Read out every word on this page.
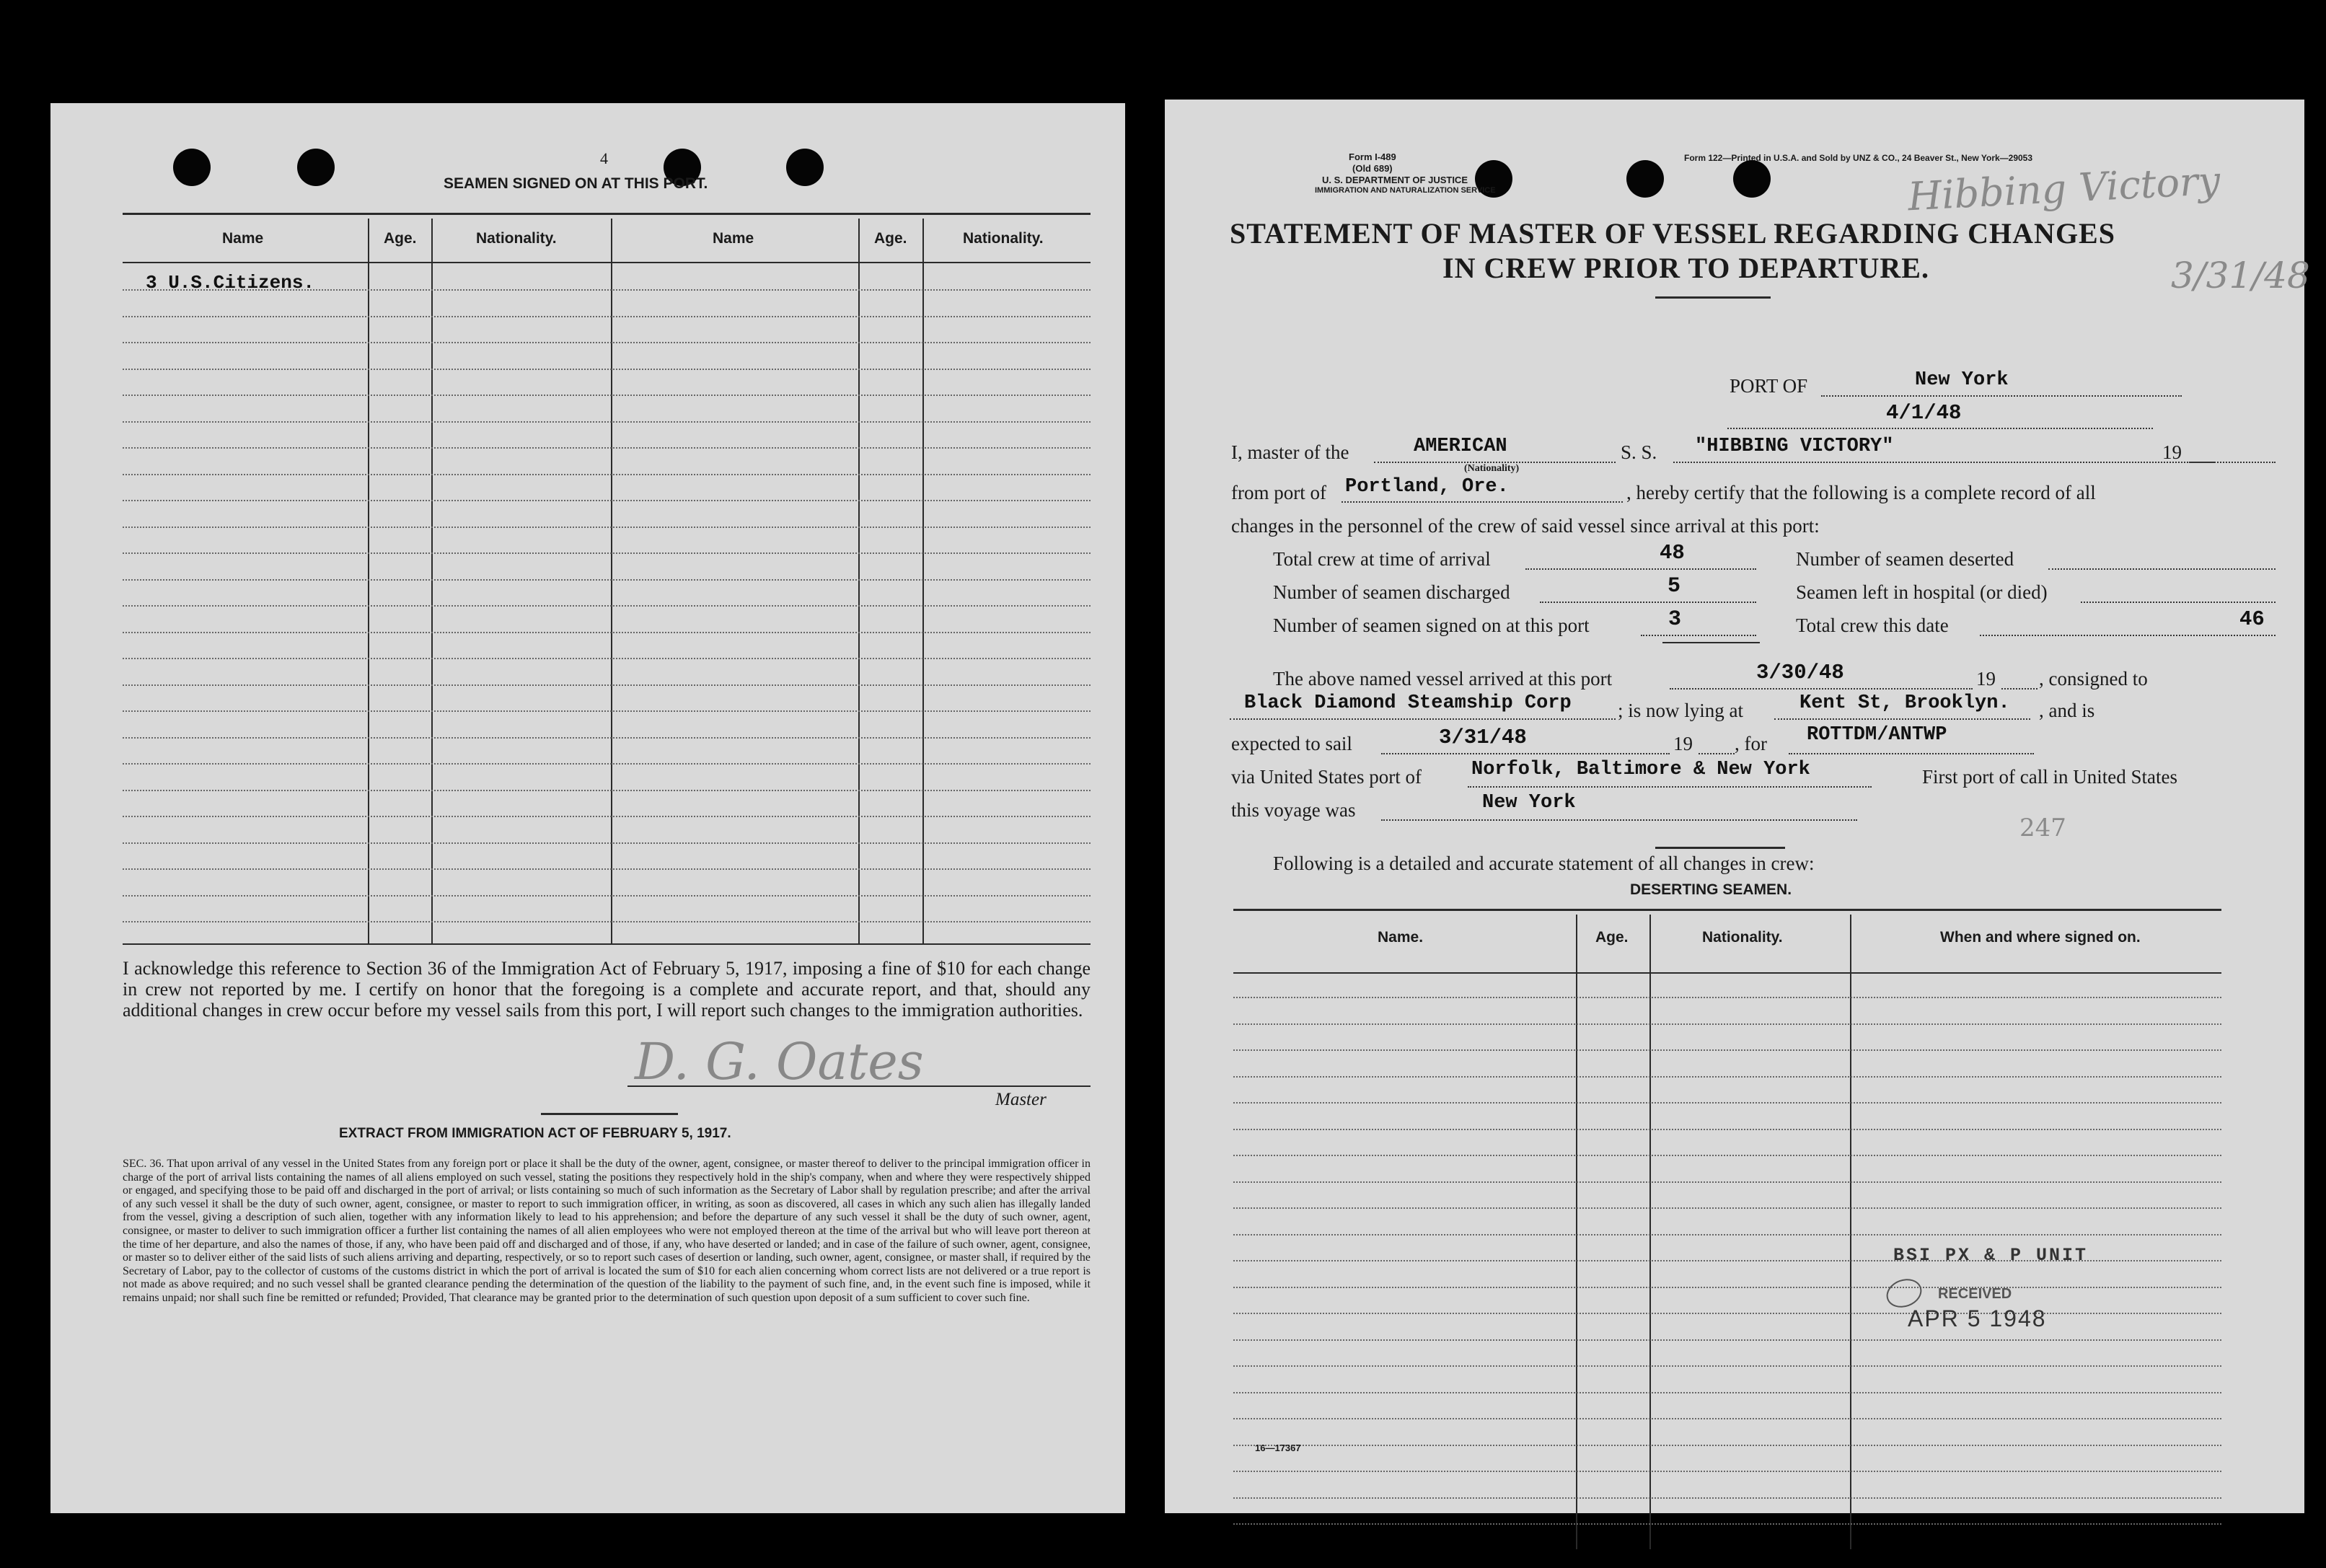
4
SEAMEN SIGNED ON AT THIS PORT.
Name	Age.	Nationality.	Name	Age.	Nationality.
3 U.S.Citizens.
I acknowledge this reference to Section 36 of the Immigration Act of February 5, 1917, imposing a fine of $10 for each change in crew not reported by me. I certify on honor that the foregoing is a complete and accurate report, and that, should any additional changes in crew occur before my vessel sails from this port, I will report such changes to the immigration authorities.
D. G. Oates
Master
EXTRACT FROM IMMIGRATION ACT OF FEBRUARY 5, 1917.
SEC. 36. That upon arrival of any vessel in the United States from any foreign port or place it shall be the duty of the owner, agent, consignee, or master thereof to deliver to the principal immigration officer in charge of the port of arrival lists containing the names of all aliens employed on such vessel, stating the positions they respectively hold in the ship's company, when and where they were respectively shipped or engaged, and specifying those to be paid off and discharged in the port of arrival; or lists containing so much of such information as the Secretary of Labor shall by regulation prescribe; and after the arrival of any such vessel it shall be the duty of such owner, agent, consignee, or master to report to such immigration officer, in writing, as soon as discovered, all cases in which any such alien has illegally landed from the vessel, giving a description of such alien, together with any information likely to lead to his apprehension; and before the departure of any such vessel it shall be the duty of such owner, agent, consignee, or master to deliver to such immigration officer a further list containing the names of all alien employees who were not employed thereon at the time of the arrival but who will leave port thereon at the time of her departure, and also the names of those, if any, who have been paid off and discharged and of those, if any, who have deserted or landed; and in case of the failure of such owner, agent, consignee, or master so to deliver either of the said lists of such aliens arriving and departing, respectively, or so to report such cases of desertion or landing, such owner, agent, consignee, or master shall, if required by the Secretary of Labor, pay to the collector of customs of the customs district in which the port of arrival is located the sum of $10 for each alien concerning whom correct lists are not delivered or a true report is not made as above required; and no such vessel shall be granted clearance pending the determination of the question of the liability to the payment of such fine, and, in the event such fine is imposed, while it remains unpaid; nor shall such fine be remitted or refunded; Provided, That clearance may be granted prior to the determination of such question upon deposit of a sum sufficient to cover such fine.
Form I-489
(Old 689)
U. S. DEPARTMENT OF JUSTICE
IMMIGRATION AND NATURALIZATION SERVICE
Form 122—Printed in U.S.A. and Sold by UNZ & CO., 24 Beaver St., New York—29053
Hibbing Victory
3/31/48
STATEMENT OF MASTER OF VESSEL REGARDING CHANGES
IN CREW PRIOR TO DEPARTURE.
PORT OF	New York
4/1/48
I, master of the	AMERICAN
(Nationality)
S. S. "HIBBING VICTORY"	19
from port of Portland, Ore.	, hereby certify that the following is a complete record of all
changes in the personnel of the crew of said vessel since arrival at this port:
Total crew at time of arrival	48
Number of seamen discharged	5
Number of seamen signed on at this port	3
Number of seamen deserted
Seamen left in hospital (or died)
Total crew this date	46
The above named vessel arrived at this port	3/30/48	19 , consigned to
Black Diamond Steamship Corp ; is now lying at	Kent St, Brooklyn. , and is
expected to sail	3/31/48	19 , for ROTTDM/ANTWP
via United States port of	Norfolk, Baltimore & New York	First port of call in United States
this voyage was	New York
247
Following is a detailed and accurate statement of all changes in crew:
DESERTING SEAMEN.
Name.	Age.	Nationality.	When and where signed on.
16—17367
BSI PX & P UNIT
RECEIVED
APR 5 1948
